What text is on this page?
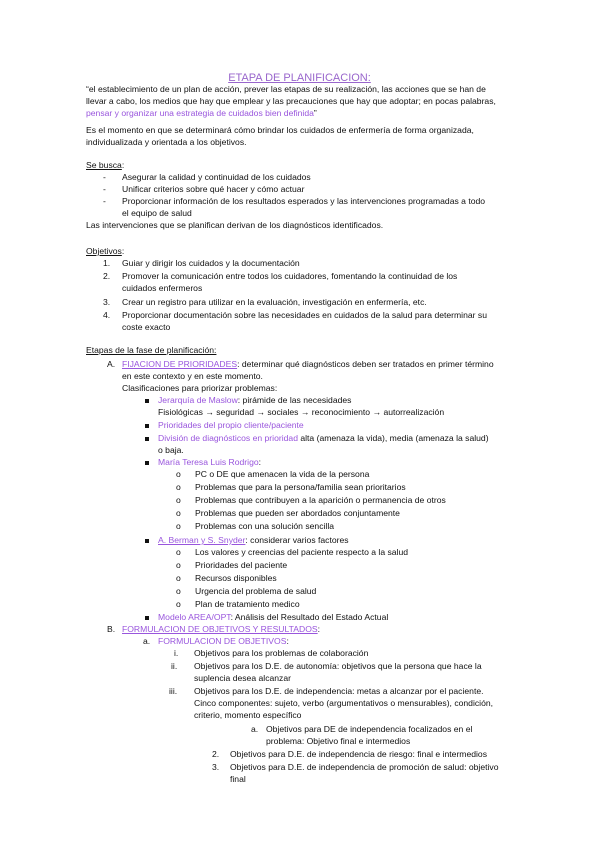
ETAPA DE PLANIFICACION:
“el establecimiento de un plan de acción, prever las etapas de su realización, las acciones que se han de
llevar a cabo, los medios que hay que emplear y las precauciones que hay que adoptar; en pocas palabras,
pensar y organizar una estrategia de cuidados bien definida”
Es el momento en que se determinará cómo brindar los cuidados de enfermería de forma organizada,
individualizada y orientada a los objetivos.
Se busca:
- Asegurar la calidad y continuidad de los cuidados
- Unificar criterios sobre qué hacer y cómo actuar
- Proporcionar información de los resultados esperados y las intervenciones programadas a todo
el equipo de salud
Las intervenciones que se planifican derivan de los diagnósticos identificados.
Objetivos:
1. Guiar y dirigir los cuidados y la documentación
2. Promover la comunicación entre todos los cuidadores, fomentando la continuidad de los
cuidados enfermeros
3. Crear un registro para utilizar en la evaluación, investigación en enfermería, etc.
4. Proporcionar documentación sobre las necesidades en cuidados de la salud para determinar su
coste exacto
Etapas de la fase de planificación:
A. FIJACION DE PRIORIDADES: determinar qué diagnósticos deben ser tratados en primer término
en este contexto y en este momento.
Clasificaciones para priorizar problemas:
Jerarquía de Maslow: pirámide de las necesidades
Fisiológicas → seguridad → sociales → reconocimiento → autorrealización
Prioridades del propio cliente/paciente
División de diagnósticos en prioridad alta (amenaza la vida), media (amenaza la salud)
o baja.
María Teresa Luis Rodrigo:
o PC o DE que amenacen la vida de la persona
o Problemas que para la persona/familia sean prioritarios
o Problemas que contribuyen a la aparición o permanencia de otros
o Problemas que pueden ser abordados conjuntamente
o Problemas con una solución sencilla
A. Berman y S. Snyder: considerar varios factores
o Los valores y creencias del paciente respecto a la salud
o Prioridades del paciente
o Recursos disponibles
o Urgencia del problema de salud
o Plan de tratamiento medico
Modelo AREA/OPT: Análisis del Resultado del Estado Actual
B. FORMULACION DE OBJETIVOS Y RESULTADOS:
a. FORMULACION DE OBJETIVOS:
i. Objetivos para los problemas de colaboración
ii. Objetivos para los D.E. de autonomía: objetivos que la persona que hace la
suplencia desea alcanzar
iii. Objetivos para los D.E. de independencia: metas a alcanzar por el paciente.
Cinco componentes: sujeto, verbo (argumentativos o mensurables), condición,
criterio, momento específico
a. Objetivos para DE de independencia focalizados en el
problema: Objetivo final e intermedios
2. Objetivos para D.E. de independencia de riesgo: final e intermedios
3. Objetivos para D.E. de independencia de promoción de salud: objetivo
final
